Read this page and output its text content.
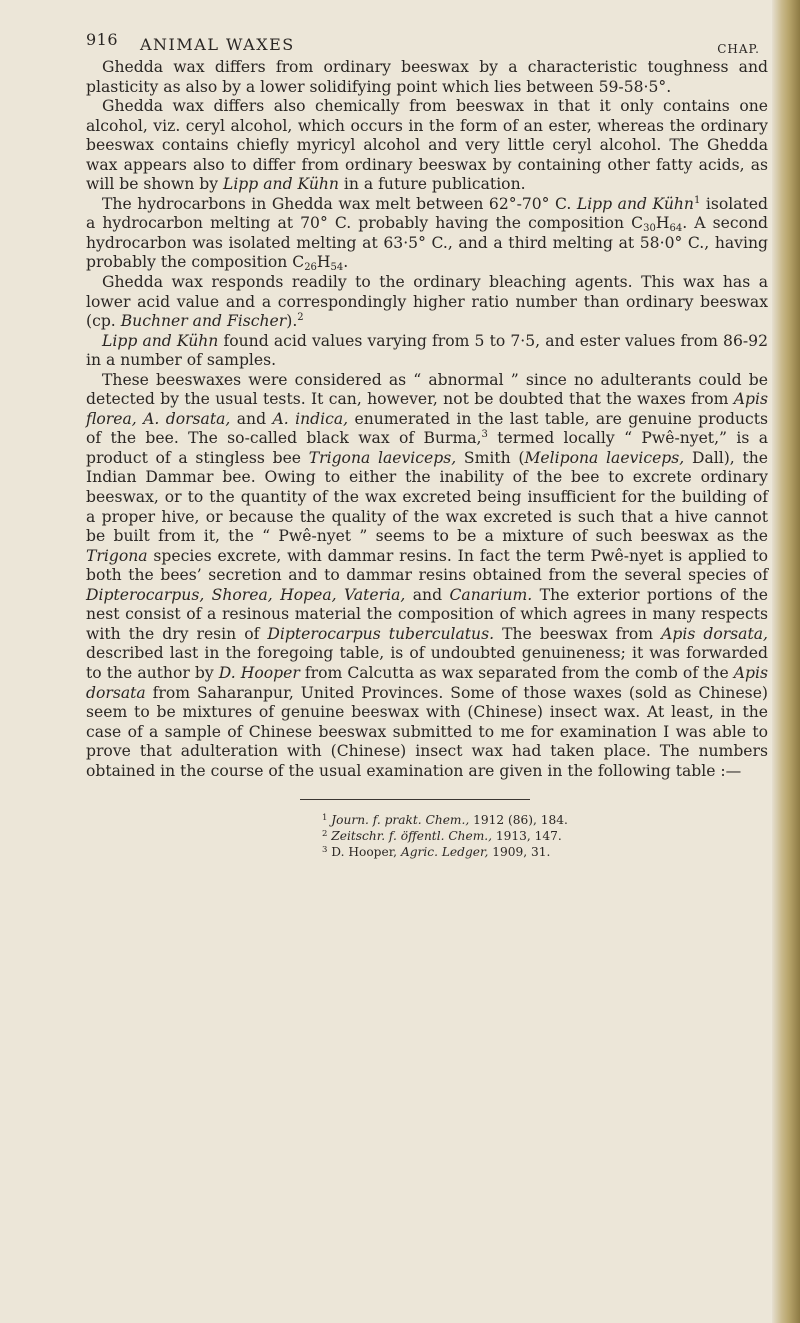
916 ANIMAL WAXES	CHAP.

Ghedda wax differs from ordinary beeswax by a characteristic toughness and plasticity as also by a lower solidifying point which lies between 59-58·5°.

Ghedda wax differs also chemically from beeswax in that it only contains one alcohol, viz. ceryl alcohol, which occurs in the form of an ester, whereas the ordinary beeswax contains chiefly myricyl alcohol and very little ceryl alcohol. The Ghedda wax appears also to differ from ordinary beeswax by containing other fatty acids, as will be shown by Lipp and Kühn in a future publication.

The hydrocarbons in Ghedda wax melt between 62°-70° C. Lipp and Kühn$^1$ isolated a hydrocarbon melting at 70° C. probably having the composition $C_{30}H_{64}$. A second hydrocarbon was isolated melting at 63·5° C., and a third melting at 58·0° C., having probably the composition $C_{26}H_{54}$.

Ghedda wax responds readily to the ordinary bleaching agents. This wax has a lower acid value and a correspondingly higher ratio number than ordinary beeswax (cp. Buchner and Fischer).$^2$

Lipp and Kühn found acid values varying from 5 to 7·5, and ester values from 86-92 in a number of samples.

These beeswaxes were considered as “ abnormal ” since no adulterants could be detected by the usual tests. It can, however, not be doubted that the waxes from Apis florea, A. dorsata, and A. indica, enumerated in the last table, are genuine products of the bee. The so-called black wax of Burma,$^3$ termed locally “ Pwê-nyet,” is a product of a stingless bee Trigona laeviceps, Smith (Melipona laeviceps, Dall), the Indian Dammar bee. Owing to either the inability of the bee to excrete ordinary beeswax, or to the quantity of the wax excreted being insufficient for the building of a proper hive, or because the quality of the wax excreted is such that a hive cannot be built from it, the “ Pwê-nyet ” seems to be a mixture of such beeswax as the Trigona species excrete, with dammar resins. In fact the term Pwê-nyet is applied to both the bees’ secretion and to dammar resins obtained from the several species of Dipterocarpus, Shorea, Hopea, Vateria, and Canarium. The exterior portions of the nest consist of a resinous material the composition of which agrees in many respects with the dry resin of Dipterocarpus tuberculatus. The beeswax from Apis dorsata, described last in the foregoing table, is of undoubted genuineness; it was forwarded to the author by D. Hooper from Calcutta as wax separated from the comb of the Apis dorsata from Saharanpur, United Provinces. Some of those waxes (sold as Chinese) seem to be mixtures of genuine beeswax with (Chinese) insect wax. At least, in the case of a sample of Chinese beeswax submitted to me for examination I was able to prove that adulteration with (Chinese) insect wax had taken place. The numbers obtained in the course of the usual examination are given in the following table :—

$^1$ Journ. f. prakt. Chem., 1912 (86), 184.
$^2$ Zeitschr. f. öffentl. Chem., 1913, 147.
$^3$ D. Hooper, Agric. Ledger, 1909, 31.
